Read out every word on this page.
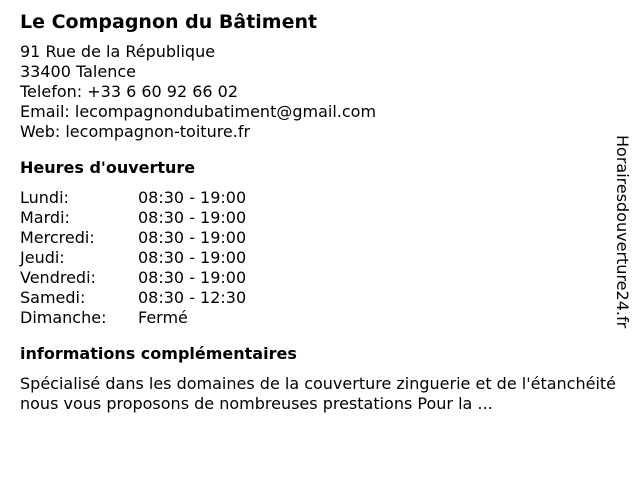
Le Compagnon du Bâtiment
91 Rue de la République
33400 Talence
Telefon: +33 6 60 92 66 02
Email: lecompagnondubatiment@gmail.com
Web: lecompagnon-toiture.fr
Heures d'ouverture
Lundi:	08:30 - 19:00
Mardi:	08:30 - 19:00
Mercredi:	08:30 - 19:00
Jeudi:	08:30 - 19:00
Vendredi:	08:30 - 19:00
Samedi:	08:30 - 12:30
Dimanche:	Fermé
informations complémentaires
Spécialisé dans les domaines de la couverture zinguerie et de l'étanchéité nous vous proposons de nombreuses prestations Pour la ...
Horairesdouverture24.fr
